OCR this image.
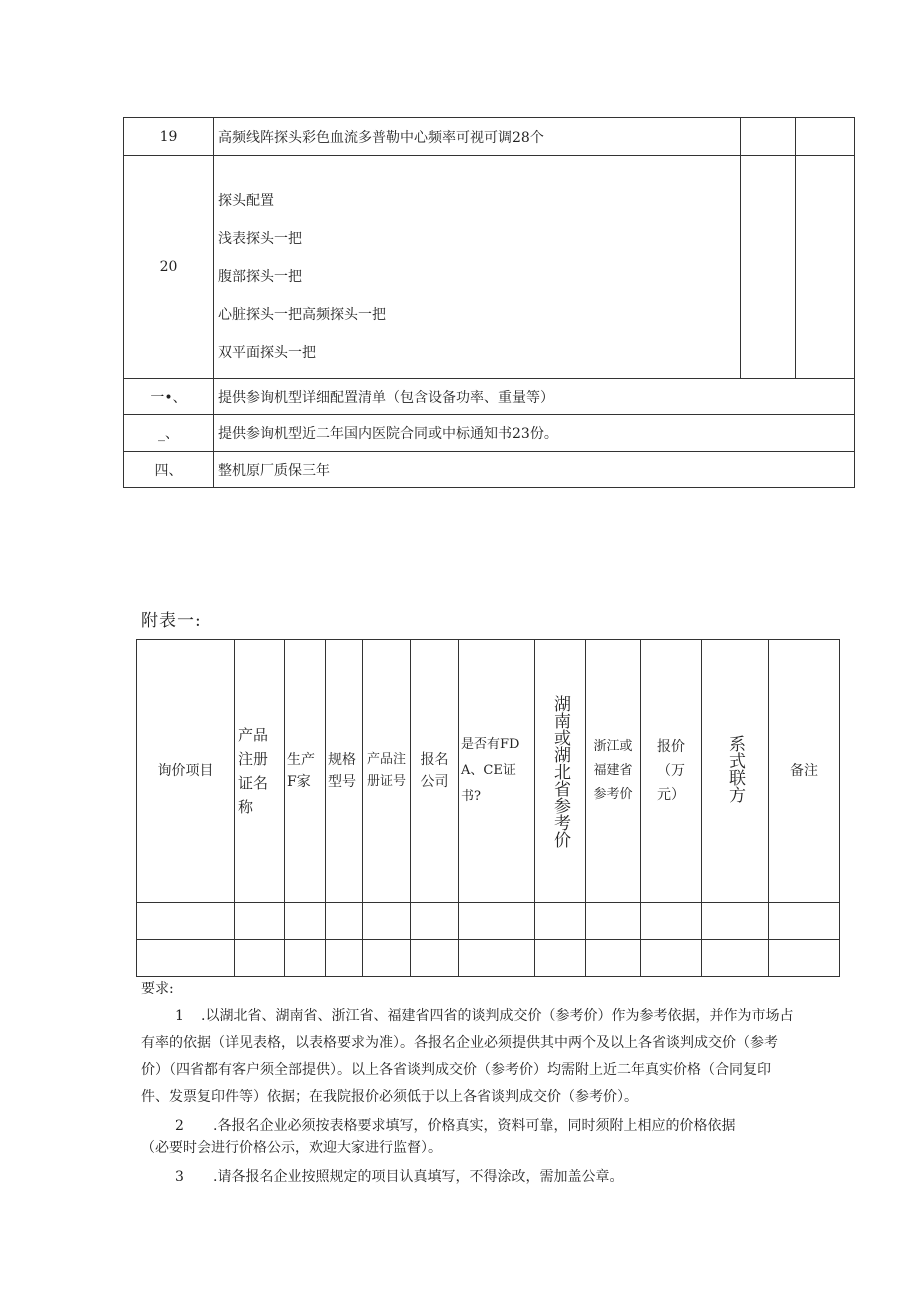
19	高频线阵探头彩色血流多普勒中心频率可视可调28个		
20	探头配置
浅表探头一把
腹部探头一把
心脏探头一把高频探头一把
双平面探头一把		

一•、	提供参询机型详细配置清单（包含设备功率、重量等）		
_、	提供参询机型近二年国内医院合同或中标通知书23份。		
四、	整机原厂质保三年		
附表一:
询价项目	产品注册证名称	生产F家	规格型号	产品注册证号	报名公司	是否有FDA、CE证书?	湖南或湖北省参考价	浙江或福建省参考价	报价（万元）	系式联方	备注

要求:
1 .以湖北省、湖南省、浙江省、福建省四省的谈判成交价（参考价）作为参考依据，并作为市场占
有率的依据（详见表格，以表格要求为准）。各报名企业必须提供其中两个及以上各省谈判成交价（参考
价）（四省都有客户须全部提供）。以上各省谈判成交价（参考价）均需附上近二年真实价格（合同复印
件、发票复印件等）依据；在我院报价必须低于以上各省谈判成交价（参考价）。
2 .各报名企业必须按表格要求填写，价格真实，资料可靠，同时须附上相应的价格依据
（必要时会进行价格公示，欢迎大家进行监督）。
3 .请各报名企业按照规定的项目认真填写，不得涂改，需加盖公章。
